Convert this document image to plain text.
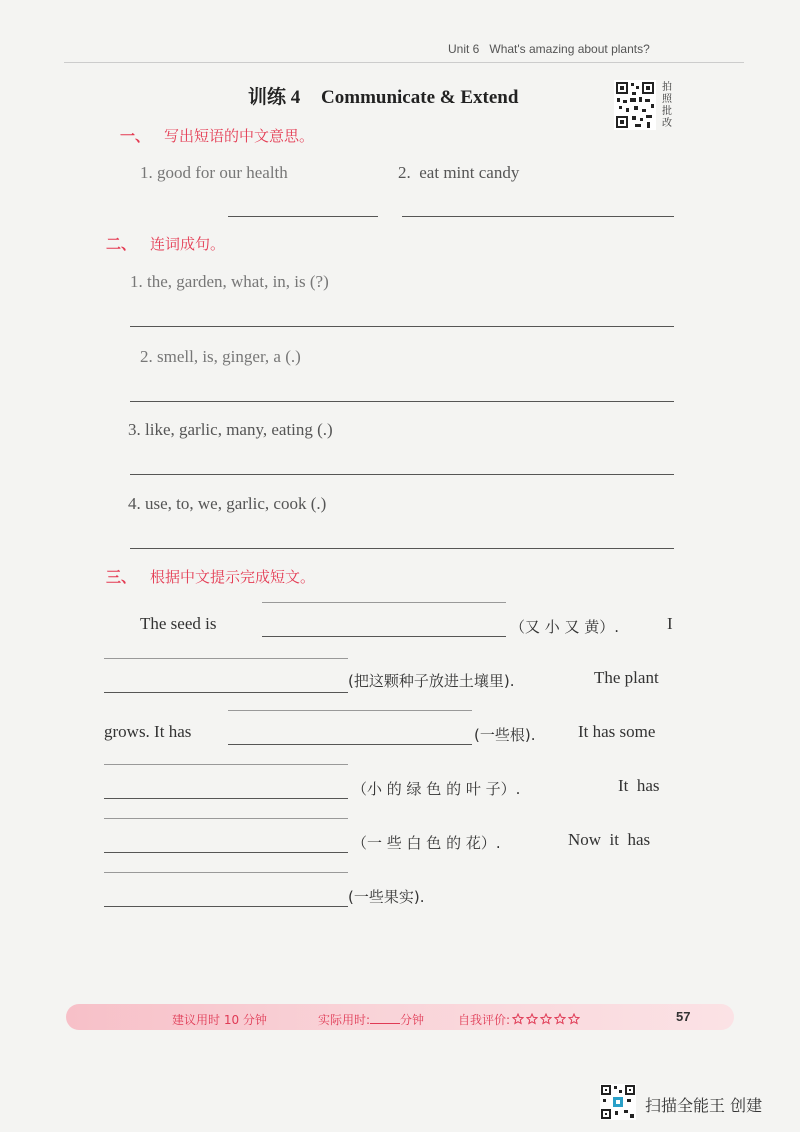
Unit 6 What's amazing about plants?
训练 4 Communicate & Extend	拍照批改
一、 写出短语的中文意思。
1. good for our health	2. eat mint candy
二、 连词成句。
1. the, garden, what, in, is (?)
2. smell, is, ginger, a (.)
3. like, garlic, many, eating (.)
4. use, to, we, garlic, cook (.)
三、 根据中文提示完成短文。
The seed is	（又 小 又 黄）.	I
(把这颗种子放进土壤里).	The plant
grows. It has	(一些根).	It has some
（小 的 绿 色 的 叶 子）.	It  has
（一 些 白 色 的 花）.	Now  it  has
(一些果实).
建议用时 10 分钟	实际用时:	分钟	自我评价:	57
扫描全能王 创建
